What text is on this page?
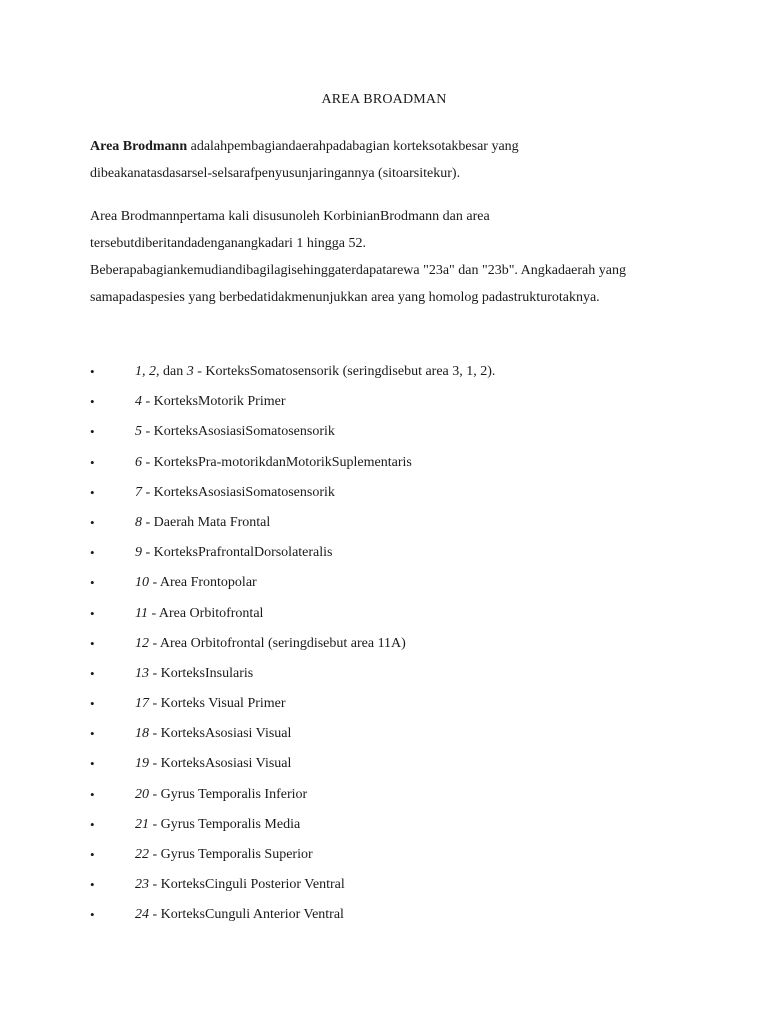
AREA BROADMAN
Area Brodmann adalahpembagiandaerahpadabagian korteksotakbesar yang
dibeakanatasdasarsel-selsarafpenyusunjaringannya (sitoarsitekur).
Area Brodmannpertama kali disusunoleh KorbinianBrodmann dan area
tersebutdiberitandadenganangkadari 1 hingga 52.
Beberapabagiankemudiandibagilagisehinggaterdapatarewa "23a" dan "23b". Angkadaerah yang
samapadaspesies yang berbedatidakmenunjukkan area yang homolog padastrukturotaknya.
•	1, 2, dan 3 - KorteksSomatosensorik (seringdisebut area 3, 1, 2).
•	4 - KorteksMotorik Primer
•	5 - KorteksAsosiasiSomatosensorik
•	6 - KorteksPra-motorikdanMotorikSuplementaris
•	7 - KorteksAsosiasiSomatosensorik
•	8 - Daerah Mata Frontal
•	9 - KorteksPrafrontalDorsolateralis
•	10 - Area Frontopolar
•	11 - Area Orbitofrontal
•	12 - Area Orbitofrontal (seringdisebut area 11A)
•	13 - KorteksInsularis
•	17 - Korteks Visual Primer
•	18 - KorteksAsosiasi Visual
•	19 - KorteksAsosiasi Visual
•	20 - Gyrus Temporalis Inferior
•	21 - Gyrus Temporalis Media
•	22 - Gyrus Temporalis Superior
•	23 - KorteksCinguli Posterior Ventral
•	24 - KorteksCunguli Anterior Ventral
